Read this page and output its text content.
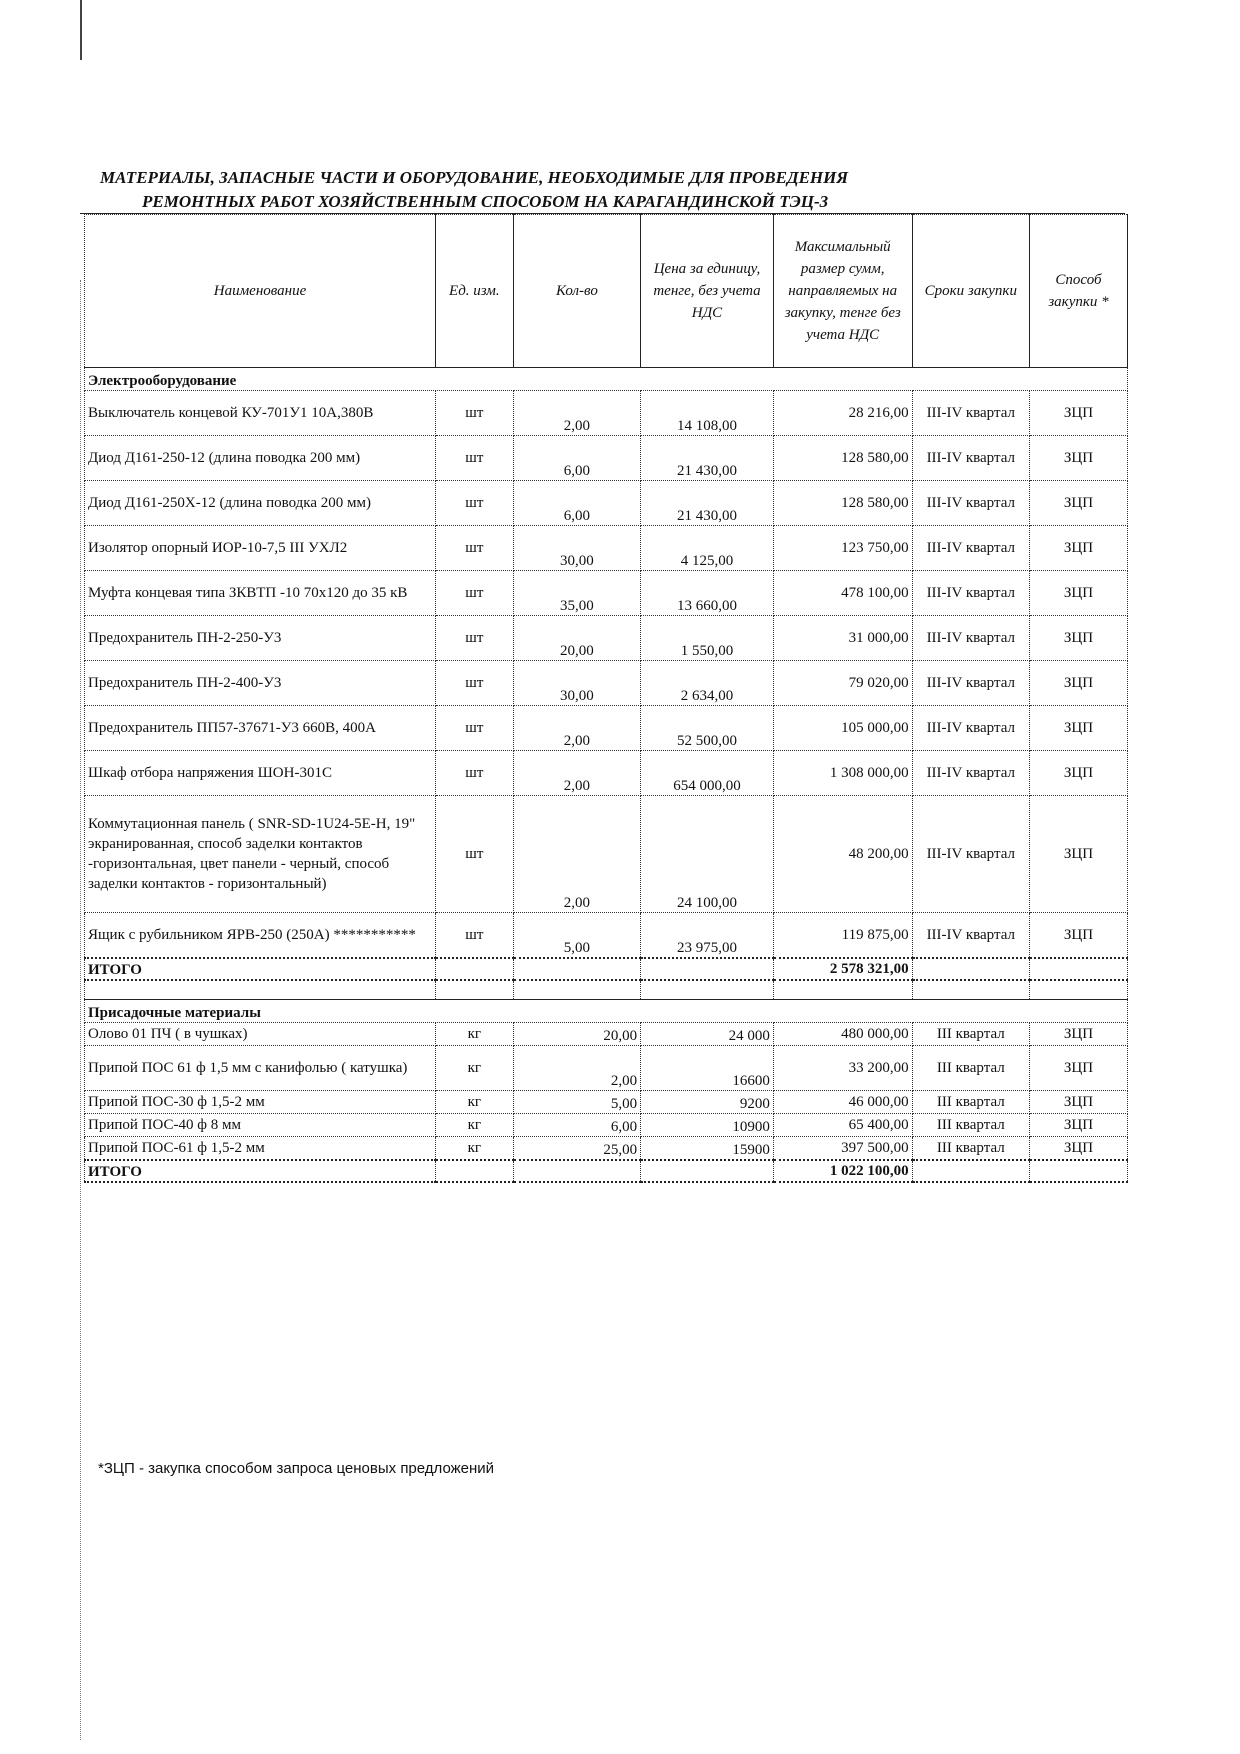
МАТЕРИАЛЫ, ЗАПАСНЫЕ ЧАСТИ И ОБОРУДОВАНИЕ, НЕОБХОДИМЫЕ ДЛЯ ПРОВЕДЕНИЯ
РЕМОНТНЫХ РАБОТ ХОЗЯЙСТВЕННЫМ СПОСОБОМ НА КАРАГАНДИНСКОЙ ТЭЦ-3
Наименование	Ед. изм.	Кол-во	Цена за единицу, тенге, без учета НДС	Максимальный размер сумм, направляемых на закупку, тенге без учета НДС	Сроки закупки	Способ закупки *
Электрооборудование						
Выключатель концевой КУ-701У1 10А,380В	шт	2,00	14 108,00	28 216,00	III-IV квартал	ЗЦП
Диод Д161-250-12 (длина поводка 200 мм)	шт	6,00	21 430,00	128 580,00	III-IV квартал	ЗЦП
Диод Д161-250Х-12 (длина поводка 200 мм)	шт	6,00	21 430,00	128 580,00	III-IV квартал	ЗЦП
Изолятор опорный ИОР-10-7,5 III УХЛ2	шт	30,00	4 125,00	123 750,00	III-IV квартал	ЗЦП
Муфта концевая типа ЗКВТП -10 70х120 до 35 кВ	шт	35,00	13 660,00	478 100,00	III-IV квартал	ЗЦП
Предохранитель ПН-2-250-У3	шт	20,00	1 550,00	31 000,00	III-IV квартал	ЗЦП
Предохранитель ПН-2-400-У3	шт	30,00	2 634,00	79 020,00	III-IV квартал	ЗЦП
Предохранитель ПП57-37671-У3 660В, 400А	шт	2,00	52 500,00	105 000,00	III-IV квартал	ЗЦП
Шкаф отбора напряжения ШОН-301С	шт	2,00	654 000,00	1 308 000,00	III-IV квартал	ЗЦП
Коммутационная панель ( SNR-SD-1U24-5E-H, 19" экранированная, способ заделки контактов -горизонтальная, цвет панели - черный, способ заделки контактов - горизонтальный)	шт	2,00	24 100,00	48 200,00	III-IV квартал	ЗЦП
Ящик с рубильником ЯРВ-250 (250А) ***********	шт	5,00	23 975,00	119 875,00	III-IV квартал	ЗЦП
ИТОГО				2 578 321,00		

Присадочные материалы						
Олово 01 ПЧ ( в чушках)	кг	20,00	24 000	480 000,00	III квартал	ЗЦП
Припой ПОС 61 ф 1,5 мм с канифолью ( катушка)	кг	2,00	16600	33 200,00	III квартал	ЗЦП
Припой ПОС-30 ф 1,5-2 мм	кг	5,00	9200	46 000,00	III квартал	ЗЦП
Припой ПОС-40 ф 8 мм	кг	6,00	10900	65 400,00	III квартал	ЗЦП
Припой ПОС-61 ф 1,5-2 мм	кг	25,00	15900	397 500,00	III квартал	ЗЦП
ИТОГО				1 022 100,00		
*ЗЦП - закупка способом запроса ценовых предложений
